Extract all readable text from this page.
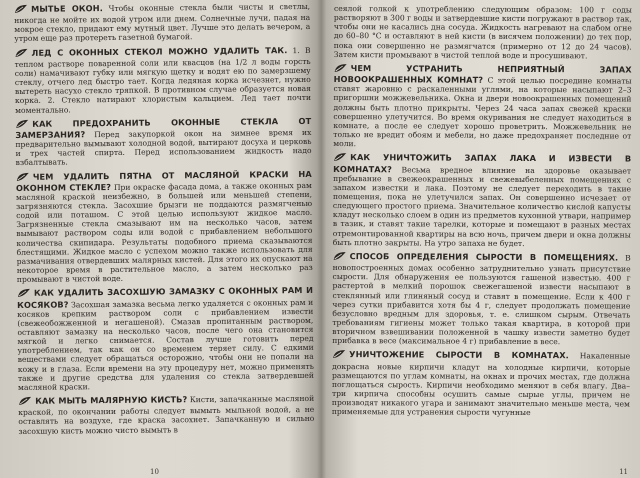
МЫТЬЕ ОКОН. Чтобы оконные стекла были чисты и светлы, никогда не мойте их водой утром или днем. Солнечные лучи, падая на мокрое стекло, придают ему мутный цвет. Лучше это делать вечером, а утром еще раз протереть газетной бумагой.

ЛЕД С ОКОННЫХ СТЕКОЛ МОЖНО УДАЛИТЬ ТАК. 1. В теплом растворе поваренной соли или квасцов (на 1/2 л воды горсть соли) намачивают губку или мягкую щетку и водят ею по замерзшему стеклу, отчего лед быстро тает. Когда ледяная корка исчезнет, нужно вытереть насухо стекло тряпкой. В противном случае образуется новая корка. 2. Стекло натирают хлористым кальцием. Лед тает почти моментально.

КАК ПРЕДОХРАНИТЬ ОКОННЫЕ СТЕКЛА ОТ ЗАМЕРЗАНИЯ? Перед закупоркой окон на зимнее время их предварительно вымывают холодной водой, вытирают досуха и церковь и трех частей спирта. Перед использованием жидкость надо взбалтывать.

ЧЕМ УДАЛИТЬ ПЯТНА ОТ МАСЛЯНОЙ КРАСКИ НА ОКОННОМ СТЕКЛЕ? При окраске фасада дома, а также оконных рам масляной краской неизбежно, в большей или меньшей степени, загрязняются стекла. Засохшие брызги не поддаются размягченью содой или поташом. С этой целью используют жидкое масло. Загрязненные стекла смазывают им на несколько часов, затем вымывают раствором соды или водой с прибавлением небольшого количества скипидара. Результаты подобного приема сказываются блестящими. Жидкое масло с успехом можно также использовать для размачивания отвердевших малярных кистей. Для этого их опускают на некоторое время в растительное масло, а затем несколько раз промывают в чистой воде.

КАК УДАЛИТЬ ЗАСОХШУЮ ЗАМАЗКУ С ОКОННЫХ РАМ И КОСЯКОВ? Засохшая замазка весьма легко удаляется с оконных рам и косяков крепким раствором соли с прибавлением извести (свежеобожженной и негашеной). Смазав пропитанным раствором, оставляют замазку на несколько часов, после чего она становится мягкой и легко снимается. Состав лучше готовить перед употреблением, так как он со временем теряет силу. С едкими веществами следует обращаться осторожно, чтобы они не попали на кожу и в глаза. Если времени на эту процедуру нет, можно применять также и другие средства для удаления со стекла затвердевшей масляной краски.

КАК МЫТЬ МАЛЯРНУЮ КИСТЬ? Кисти, запачканные масляной краской, по окончании работы следует вымыть мыльной водой, а не оставлять на воздухе, где краска засохнет. Запачканную и сильно засохшую кисть можно чисто вымыть в

10

сеялой голкой к употреблению следующим образом: 100 г соды растворяют в 300 г воды и затвердевшие кисти погружают в раствор так, чтобы они не касались дна сосуда. Жидкость нагревают на слабом огне до 60–80 °С и оставляют в ней кисти (в висячем положении) до тех пор, пока они совершенно не размягчатся (примерно от 12 до 24 часов). Затем кисти промывают в чистой теплой воде и просушивают.

ЧЕМ УСТРАНИТЬ НЕПРИЯТНЫЙ ЗАПАХ НОВООКРАШЕННЫХ КОМНАТ? С этой целью посредине комнаты ставят жаровню с раскаленными углями, на которые насыпают 2–3 пригоршни можжевельника. Окна и двери новоокрашенных помещений должны быть плотно прикрыты. Через 24 часа запах свежей краски совершенно улетучится. Во время окуривания не следует находиться в комнате, а после ее следует хорошо проветрить. Можжевельник не только не вредит обоям и мебели, но даже предохраняет последние от моли.

КАК УНИЧТОЖИТЬ ЗАПАХ ЛАКА И ИЗВЕСТИ В КОМНАТАХ? Весьма вредное влияние на здоровье оказывает пребывание в свежеокрашенных и свежевыбеленных помещениях с запахом известки и лака. Поэтому не следует переходить в такие помещения, пока не улетучился запах. Он совершенно исчезает от следующего простого приема. Значительное количество кислой капусты кладут несколько слоем в один из предметов кухонной утвари, например в тазик, и ставят такие тарелки, которые и помещают в разных местах отремонтированной квартиры на всю ночь, причем двери и окна должны быть плотно закрыты. На утро запаха не будет.

СПОСОБ ОПРЕДЕЛЕНИЯ СЫРОСТИ В ПОМЕЩЕНИЯХ. В новопостроенных домах особенно затруднительно узнать присутствие сырости. Для обнаружения ее пользуются гашеной известью. 400 г растертой в мелкий порошок свежегашеной извести насыпают в стеклянный или глиняный сосуд и ставят в помещение. Если к 400 г через сутки прибавится хотя бы 4 г, следует продолжать помещение безусловно вредным для здоровья, т. е. слишком сырым. Отвечать требованиям гигиены может только такая квартира, в которой при вторичном взвешивании положенной в чашку извести заметно будет прибавка в весе (максимальное 4 г) прибавление в весе.

УНИЧТОЖЕНИЕ СЫРОСТИ В КОМНАТАХ. Накаленные докрасна новые кирпичи кладут на холодные кирпичи, которые размещаются по углам комнаты, на окнах и прочих местах, где должна поглощаться сырость. Кирпичи необходимо меняют в себя влагу. Два–три кирпича способны осушить самые сырые углы, причем не производят никакого угара и занимают значительно меньше места, чем применяемые для устранения сырости чугунные

11
